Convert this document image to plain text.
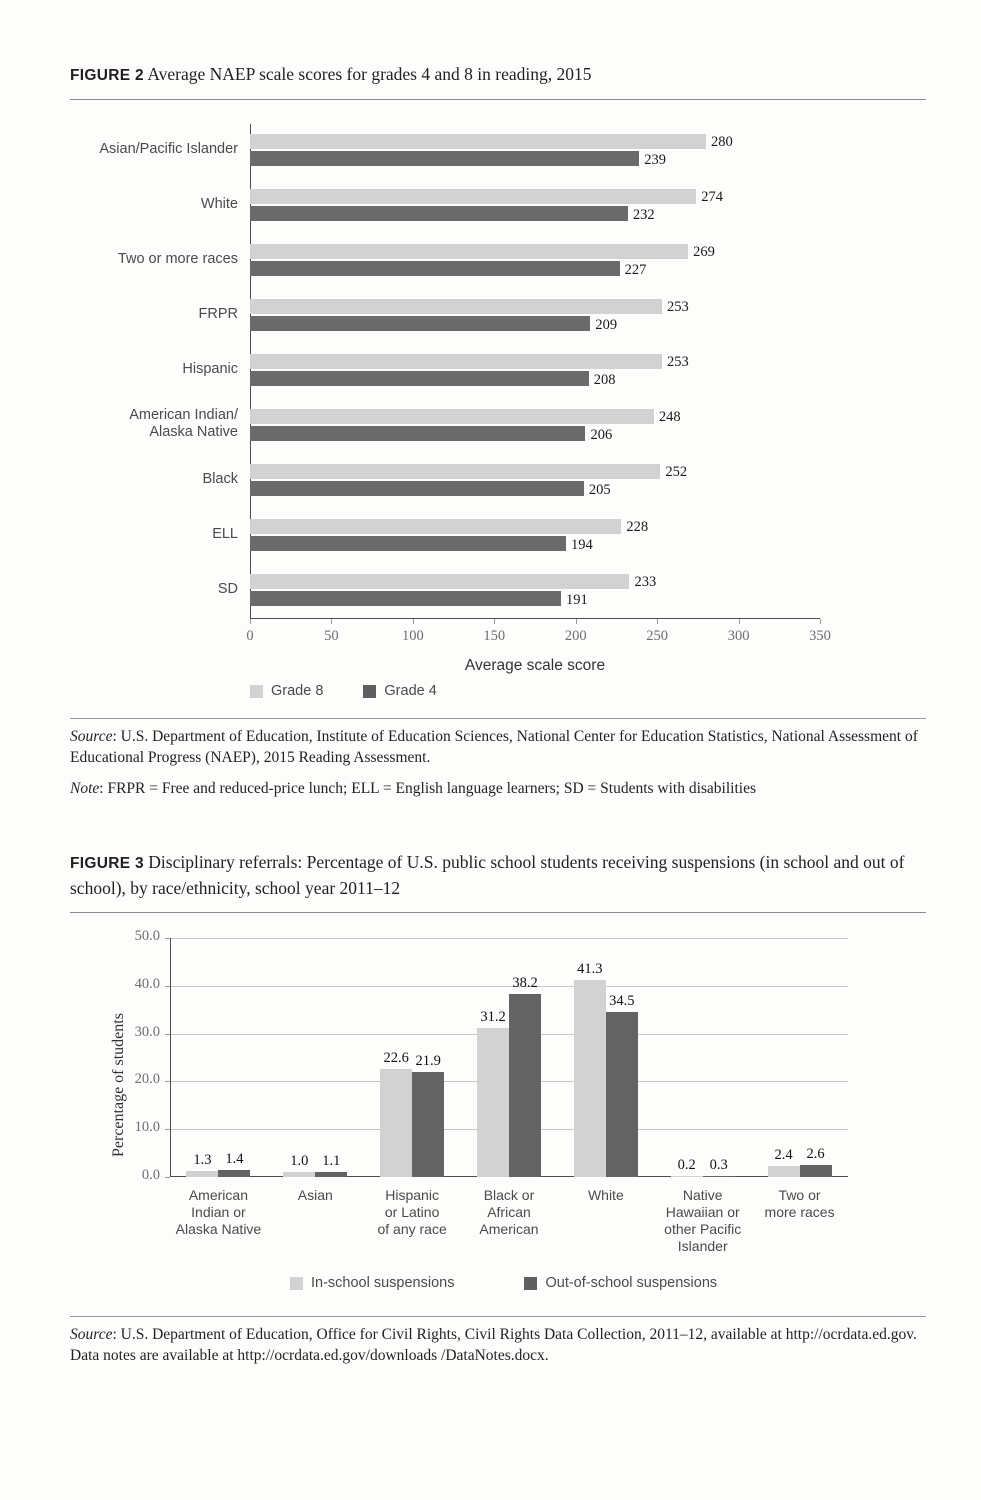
FIGURE 2 Average NAEP scale scores for grades 4 and 8 in reading, 2015
280
239
Asian/Pacific Islander
274
232
White
269
227
Two or more races
253
209
FRPR
253
208
Hispanic
248
206
American Indian/
Alaska Native
252
205
Black
228
194
ELL
233
191
SD
0	50	100	150	200	250	300	350
Average scale score
Grade 8	Grade 4

Source: U.S. Department of Education, Institute of Education Sciences, National Center for Education Statistics, National Assessment of Educational Progress (NAEP), 2015 Reading Assessment.

Note: FRPR = Free and reduced-price lunch; ELL = English language learners; SD = Students with disabilities

FIGURE 3 Disciplinary referrals: Percentage of U.S. public school students receiving suspensions (in school and out of school), by race/ethnicity, school year 2011–12
0.0
10.0
20.0
30.0
40.0
50.0
Percentage of students
1.3 1.4
American
Indian or
Alaska Native
1.0 1.1
Asian
22.6 21.9
Hispanic
or Latino
of any race
31.2
38.2
Black or
African
American
41.3
34.5
White
0.2 0.3
Native
Hawaiian or
other Pacific
Islander
2.4 2.6
Two or
more races
In-school suspensions	Out-of-school suspensions

Source: U.S. Department of Education, Office for Civil Rights, Civil Rights Data Collection, 2011–12, available at http://ocrdata.ed.gov. Data notes are available at http://ocrdata.ed.gov/downloads /DataNotes.docx.
